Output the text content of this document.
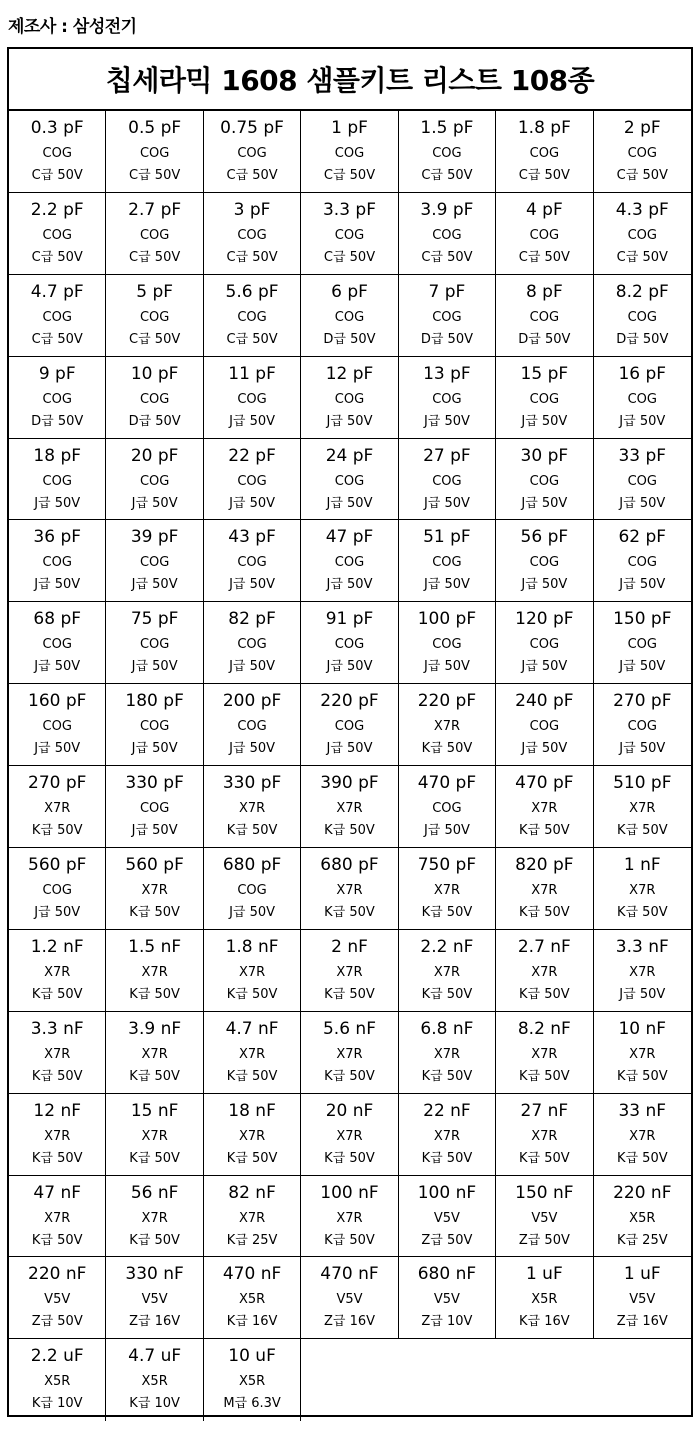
제조사 : 삼성전기
칩세라믹 1608 샘플키트 리스트 108종
0.3 pF
COG
C급 50V
0.5 pF
COG
C급 50V
0.75 pF
COG
C급 50V
1 pF
COG
C급 50V
1.5 pF
COG
C급 50V
1.8 pF
COG
C급 50V
2 pF
COG
C급 50V
2.2 pF
COG
C급 50V
2.7 pF
COG
C급 50V
3 pF
COG
C급 50V
3.3 pF
COG
C급 50V
3.9 pF
COG
C급 50V
4 pF
COG
C급 50V
4.3 pF
COG
C급 50V
4.7 pF
COG
C급 50V
5 pF
COG
C급 50V
5.6 pF
COG
C급 50V
6 pF
COG
D급 50V
7 pF
COG
D급 50V
8 pF
COG
D급 50V
8.2 pF
COG
D급 50V
9 pF
COG
D급 50V
10 pF
COG
D급 50V
11 pF
COG
J급 50V
12 pF
COG
J급 50V
13 pF
COG
J급 50V
15 pF
COG
J급 50V
16 pF
COG
J급 50V
18 pF
COG
J급 50V
20 pF
COG
J급 50V
22 pF
COG
J급 50V
24 pF
COG
J급 50V
27 pF
COG
J급 50V
30 pF
COG
J급 50V
33 pF
COG
J급 50V
36 pF
COG
J급 50V
39 pF
COG
J급 50V
43 pF
COG
J급 50V
47 pF
COG
J급 50V
51 pF
COG
J급 50V
56 pF
COG
J급 50V
62 pF
COG
J급 50V
68 pF
COG
J급 50V
75 pF
COG
J급 50V
82 pF
COG
J급 50V
91 pF
COG
J급 50V
100 pF
COG
J급 50V
120 pF
COG
J급 50V
150 pF
COG
J급 50V
160 pF
COG
J급 50V
180 pF
COG
J급 50V
200 pF
COG
J급 50V
220 pF
COG
J급 50V
220 pF
X7R
K급 50V
240 pF
COG
J급 50V
270 pF
COG
J급 50V
270 pF
X7R
K급 50V
330 pF
COG
J급 50V
330 pF
X7R
K급 50V
390 pF
X7R
K급 50V
470 pF
COG
J급 50V
470 pF
X7R
K급 50V
510 pF
X7R
K급 50V
560 pF
COG
J급 50V
560 pF
X7R
K급 50V
680 pF
COG
J급 50V
680 pF
X7R
K급 50V
750 pF
X7R
K급 50V
820 pF
X7R
K급 50V
1 nF
X7R
K급 50V
1.2 nF
X7R
K급 50V
1.5 nF
X7R
K급 50V
1.8 nF
X7R
K급 50V
2 nF
X7R
K급 50V
2.2 nF
X7R
K급 50V
2.7 nF
X7R
K급 50V
3.3 nF
X7R
J급 50V
3.3 nF
X7R
K급 50V
3.9 nF
X7R
K급 50V
4.7 nF
X7R
K급 50V
5.6 nF
X7R
K급 50V
6.8 nF
X7R
K급 50V
8.2 nF
X7R
K급 50V
10 nF
X7R
K급 50V
12 nF
X7R
K급 50V
15 nF
X7R
K급 50V
18 nF
X7R
K급 50V
20 nF
X7R
K급 50V
22 nF
X7R
K급 50V
27 nF
X7R
K급 50V
33 nF
X7R
K급 50V
47 nF
X7R
K급 50V
56 nF
X7R
K급 50V
82 nF
X7R
K급 25V
100 nF
X7R
K급 50V
100 nF
V5V
Z급 50V
150 nF
V5V
Z급 50V
220 nF
X5R
K급 25V
220 nF
V5V
Z급 50V
330 nF
V5V
Z급 16V
470 nF
X5R
K급 16V
470 nF
V5V
Z급 16V
680 nF
V5V
Z급 10V
1 uF
X5R
K급 16V
1 uF
V5V
Z급 16V
2.2 uF
X5R
K급 10V
4.7 uF
X5R
K급 10V
10 uF
X5R
M급 6.3V
